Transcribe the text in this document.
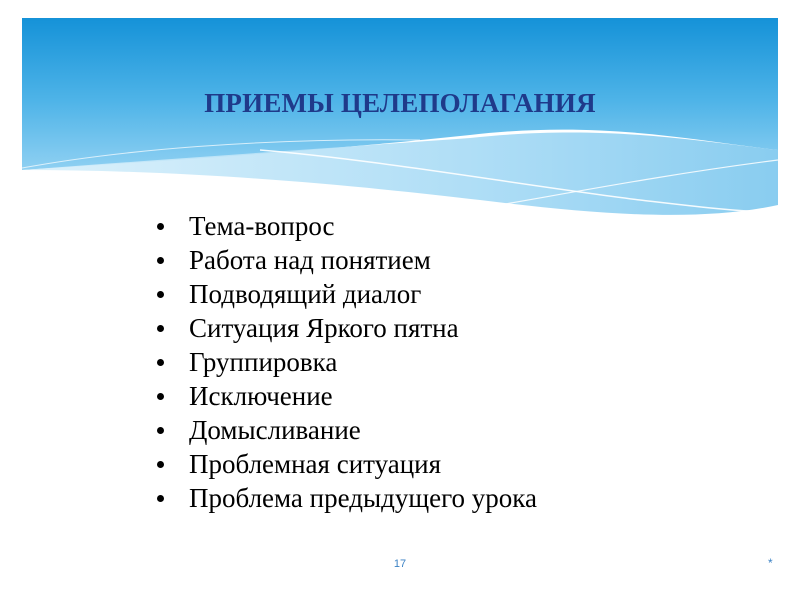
ПРИЕМЫ ЦЕЛЕПОЛАГАНИЯ
Тема-вопрос
Работа над понятием
Подводящий диалог
Ситуация Яркого пятна
Группировка
Исключение
Домысливание
Проблемная ситуация
Проблема предыдущего урока
17	*
